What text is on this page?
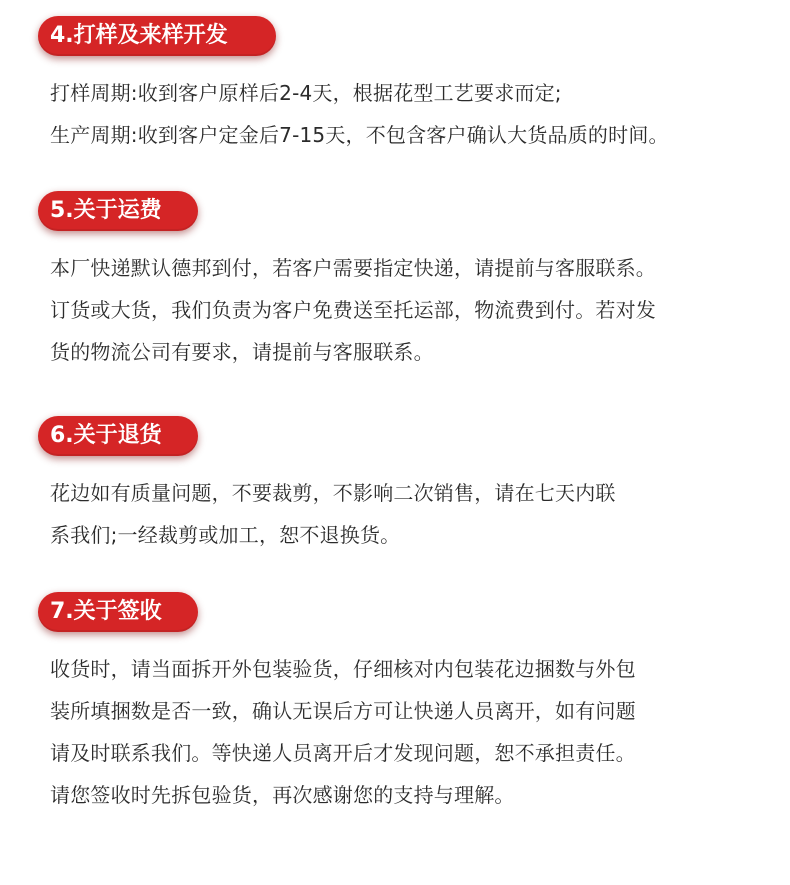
4.打样及来样开发
打样周期:收到客户原样后2-4天，根据花型工艺要求而定;
生产周期:收到客户定金后7-15天，不包含客户确认大货品质的时间。
5.关于运费
本厂快递默认德邦到付，若客户需要指定快递，请提前与客服联系。
订货或大货，我们负责为客户免费送至托运部，物流费到付。若对发
货的物流公司有要求，请提前与客服联系。
6.关于退货
花边如有质量问题，不要裁剪，不影响二次销售，请在七天内联
系我们;一经裁剪或加工，恕不退换货。
7.关于签收
收货时，请当面拆开外包装验货，仔细核对内包装花边捆数与外包
装所填捆数是否一致，确认无误后方可让快递人员离开，如有问题
请及时联系我们。等快递人员离开后才发现问题，恕不承担责任。
请您签收时先拆包验货，再次感谢您的支持与理解。
